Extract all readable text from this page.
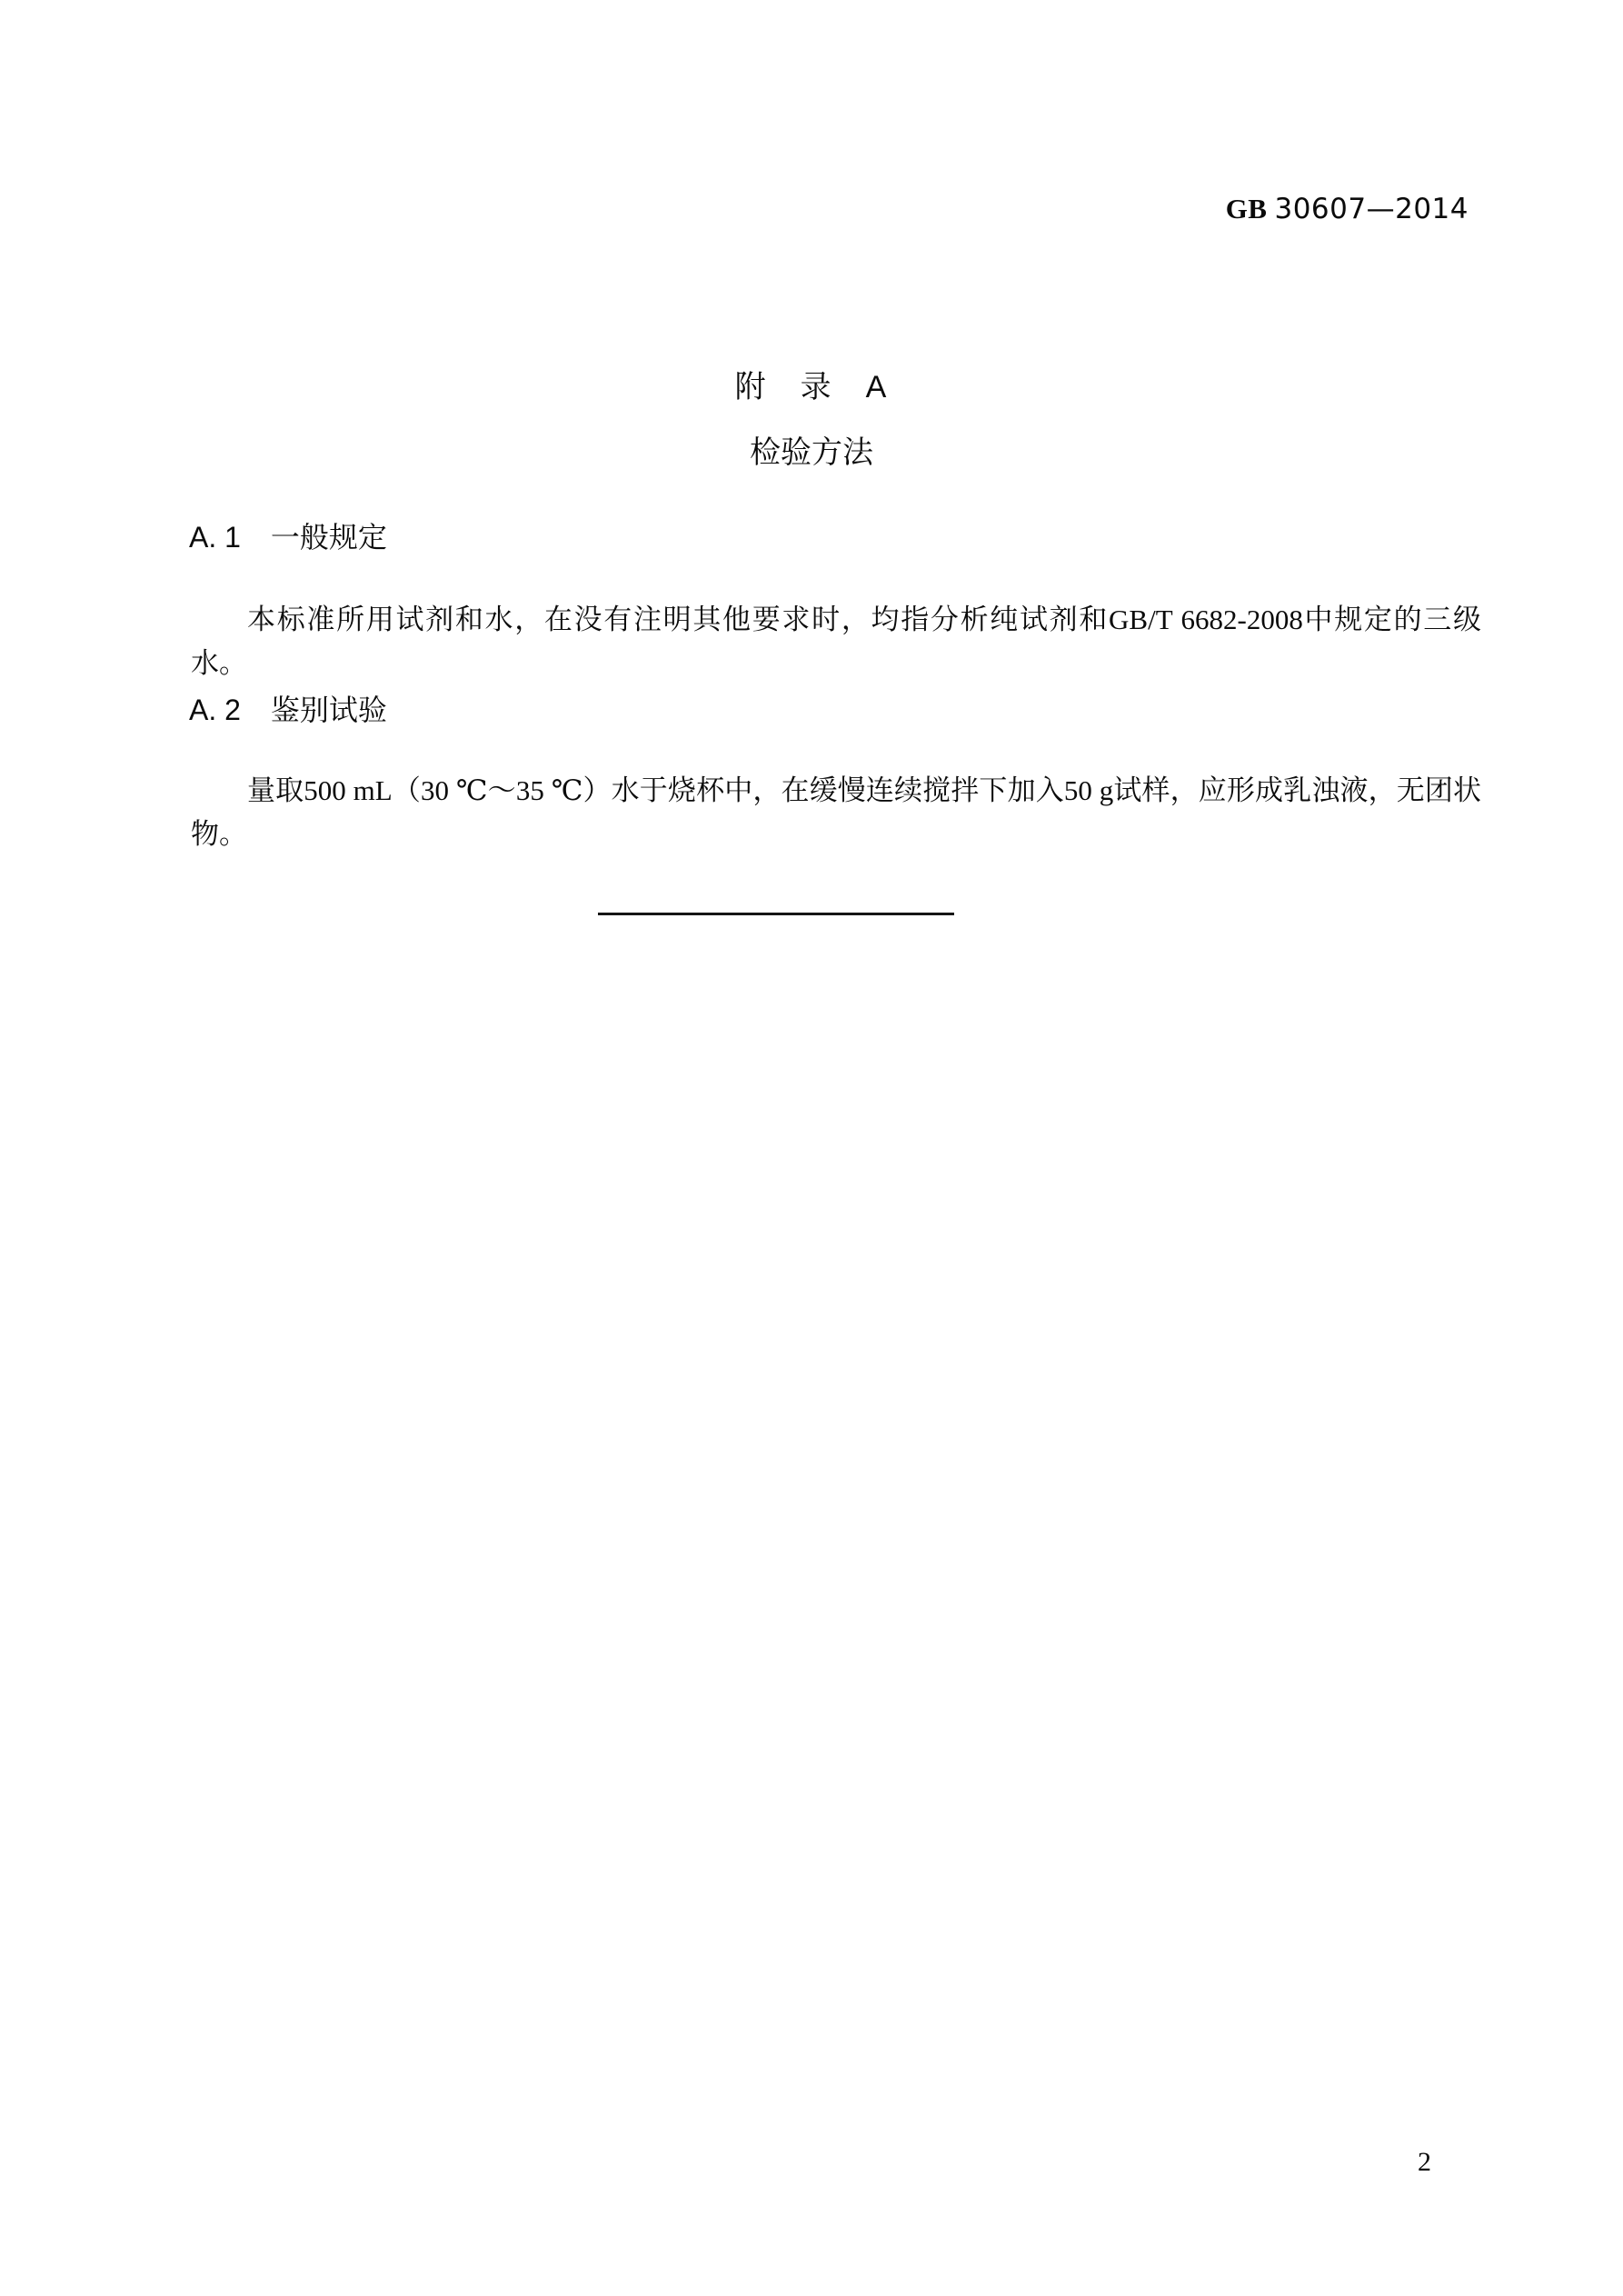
GB 30607—2014
附　录　A
检验方法
A. 1 一般规定

本标准所用试剂和水，在没有注明其他要求时，均指分析纯试剂和GB/T 6682-2008中规定的三级水。

A. 2 鉴别试验

量取500 mL（30 ℃～35 ℃）水于烧杯中，在缓慢连续搅拌下加入50 g试样，应形成乳浊液，无团状物。

2
